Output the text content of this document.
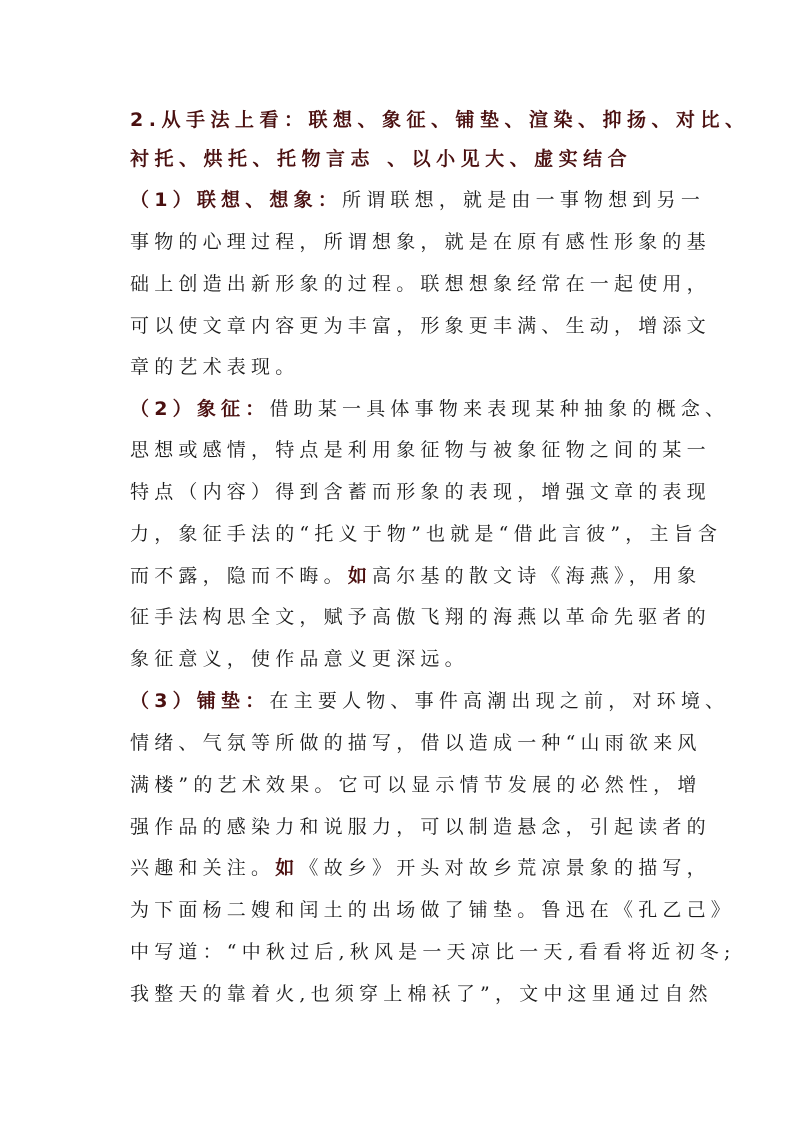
2.从手法上看：联想、象征、铺垫、渲染、抑扬、对比、
衬托、烘托、托物言志 、以小见大、虚实结合
（1）联想、想象：所谓联想，就是由一事物想到另一
事物的心理过程，所谓想象，就是在原有感性形象的基
础上创造出新形象的过程。联想想象经常在一起使用，
可以使文章内容更为丰富，形象更丰满、生动，增添文
章的艺术表现。
（2）象征：借助某一具体事物来表现某种抽象的概念、
思想或感情，特点是利用象征物与被象征物之间的某一
特点（内容）得到含蓄而形象的表现，增强文章的表现
力，象征手法的“托义于物”也就是“借此言彼”，主旨含
而不露，隐而不晦。如高尔基的散文诗《海燕》，用象
征手法构思全文，赋予高傲飞翔的海燕以革命先驱者的
象征意义，使作品意义更深远。
（3）铺垫：在主要人物、事件高潮出现之前，对环境、
情绪、气氛等所做的描写，借以造成一种“山雨欲来风
满楼”的艺术效果。它可以显示情节发展的必然性，增
强作品的感染力和说服力，可以制造悬念，引起读者的
兴趣和关注。如《故乡》开头对故乡荒凉景象的描写，
为下面杨二嫂和闰土的出场做了铺垫。鲁迅在《孔乙己》
中写道：“中秋过后,秋风是一天凉比一天,看看将近初冬;
我整天的靠着火,也须穿上棉袄了”，文中这里通过自然
